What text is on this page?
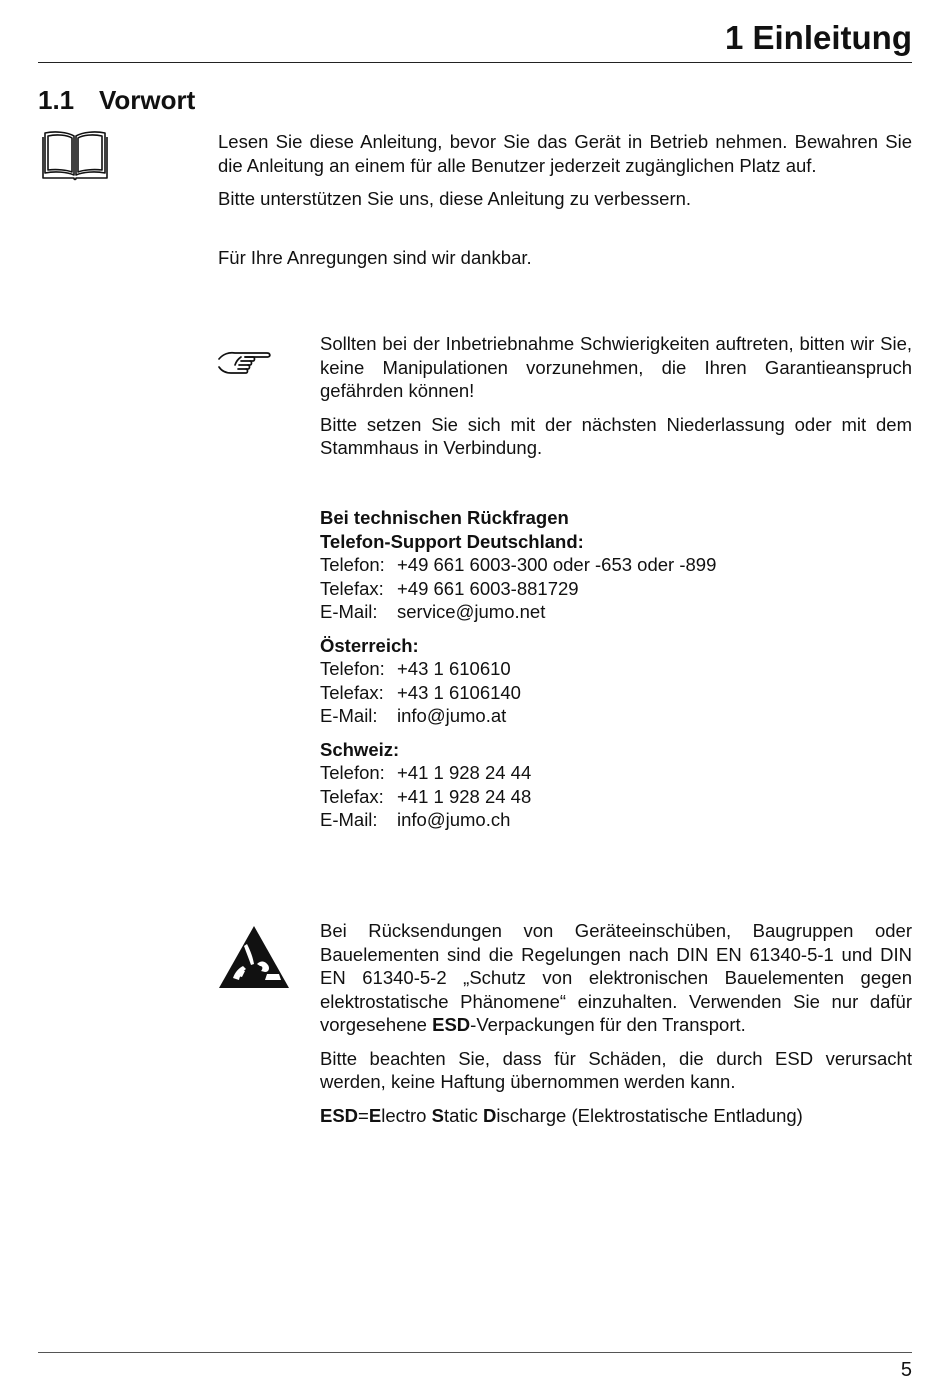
1 Einleitung
1.1 Vorwort

Lesen Sie diese Anleitung, bevor Sie das Gerät in Betrieb nehmen. Bewahren Sie die Anleitung an einem für alle Benutzer jederzeit zugänglichen Platz auf.

Bitte unterstützen Sie uns, diese Anleitung zu verbessern.

Für Ihre Anregungen sind wir dankbar.

Sollten bei der Inbetriebnahme Schwierigkeiten auftreten, bitten wir Sie, keine Manipulationen vorzunehmen, die Ihren Garantieanspruch gefährden können!

Bitte setzen Sie sich mit der nächsten Niederlassung oder mit dem Stammhaus in Verbindung.

Bei technischen Rückfragen
Telefon-Support Deutschland:
Telefon: +49 661 6003-300 oder -653 oder -899
Telefax: +49 661 6003-881729
E-Mail:	service@jumo.net
Österreich:
Telefon: +43 1 610610
Telefax: +43 1 6106140
E-Mail:	info@jumo.at
Schweiz:
Telefon: +41 1 928 24 44
Telefax: +41 1 928 24 48
E-Mail:	info@jumo.ch

Bei Rücksendungen von Geräteeinschüben, Baugruppen oder Bauelementen sind die Regelungen nach DIN EN 61340-5-1 und DIN EN 61340-5-2 „Schutz von elektronischen Bauelementen gegen elektrostatische Phänomene“ einzuhalten. Verwenden Sie nur dafür vorgesehene ESD-Verpackungen für den Transport.

Bitte beachten Sie, dass für Schäden, die durch ESD verursacht werden, keine Haftung übernommen werden kann.

ESD=Electro Static Discharge (Elektrostatische Entladung)

5
